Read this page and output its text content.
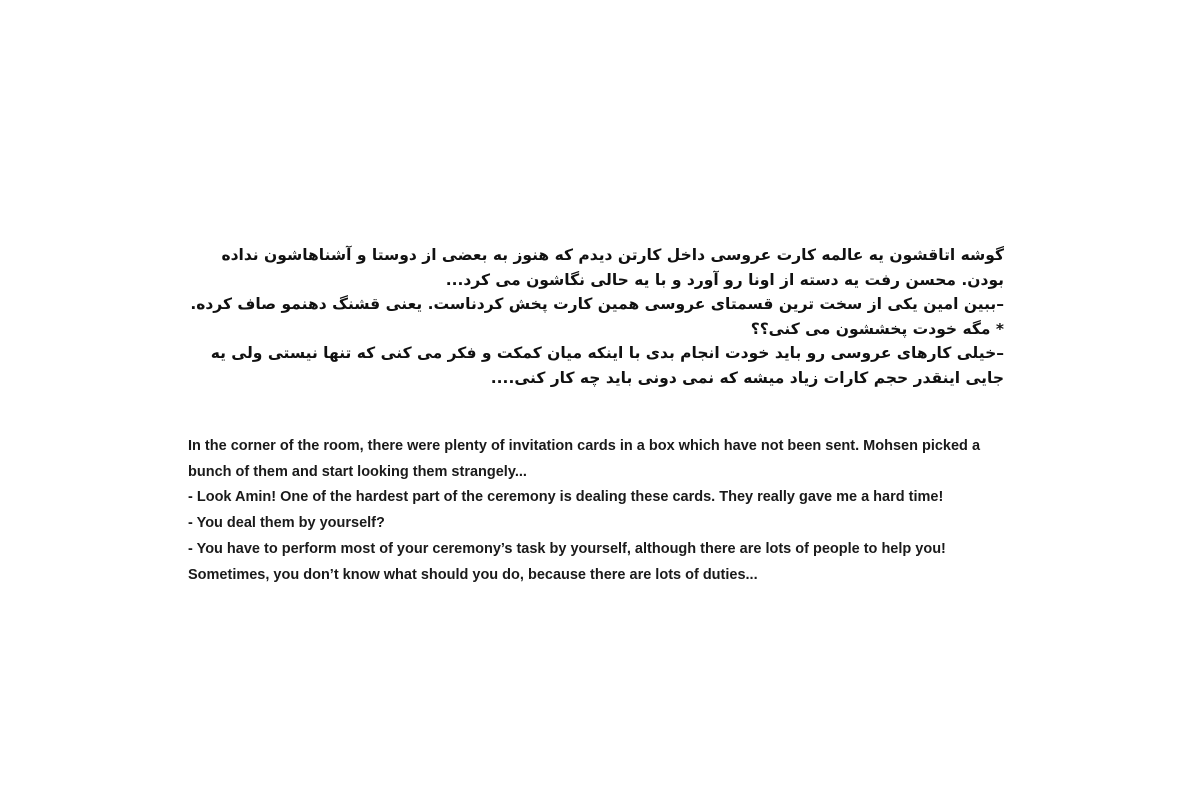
گوشه اتاقشون یه عالمه کارت عروسی داخل کارتن دیدم که هنوز به بعضی از دوستا و آشناهاشون نداده بودن. محسن رفت یه دسته از اونا رو آورد و با یه حالی نگاشون می کرد...

–ببین امین یکی از سخت ترین قسمتای عروسی همین کارت پخش کردناست. یعنی قشنگ دهنمو صاف کرده.

* مگه خودت پخششون می کنی؟؟

–خیلی کارهای عروسی رو باید خودت انجام بدی با اینکه میان کمکت و فکر می کنی که تنها نیستی ولی یه جایی اینقدر حجم کارات زیاد میشه که نمی دونی باید چه کار کنی....

In the corner of the room, there were plenty of invitation cards in a box which have not been sent. Mohsen picked a bunch of them and start looking them strangely...

- Look Amin! One of the hardest part of the ceremony is dealing these cards. They really gave me a hard time!

- You deal them by yourself?

- You have to perform most of your ceremony’s task by yourself, although there are lots of people to help you! Sometimes, you don’t know what should you do, because there are lots of duties...
